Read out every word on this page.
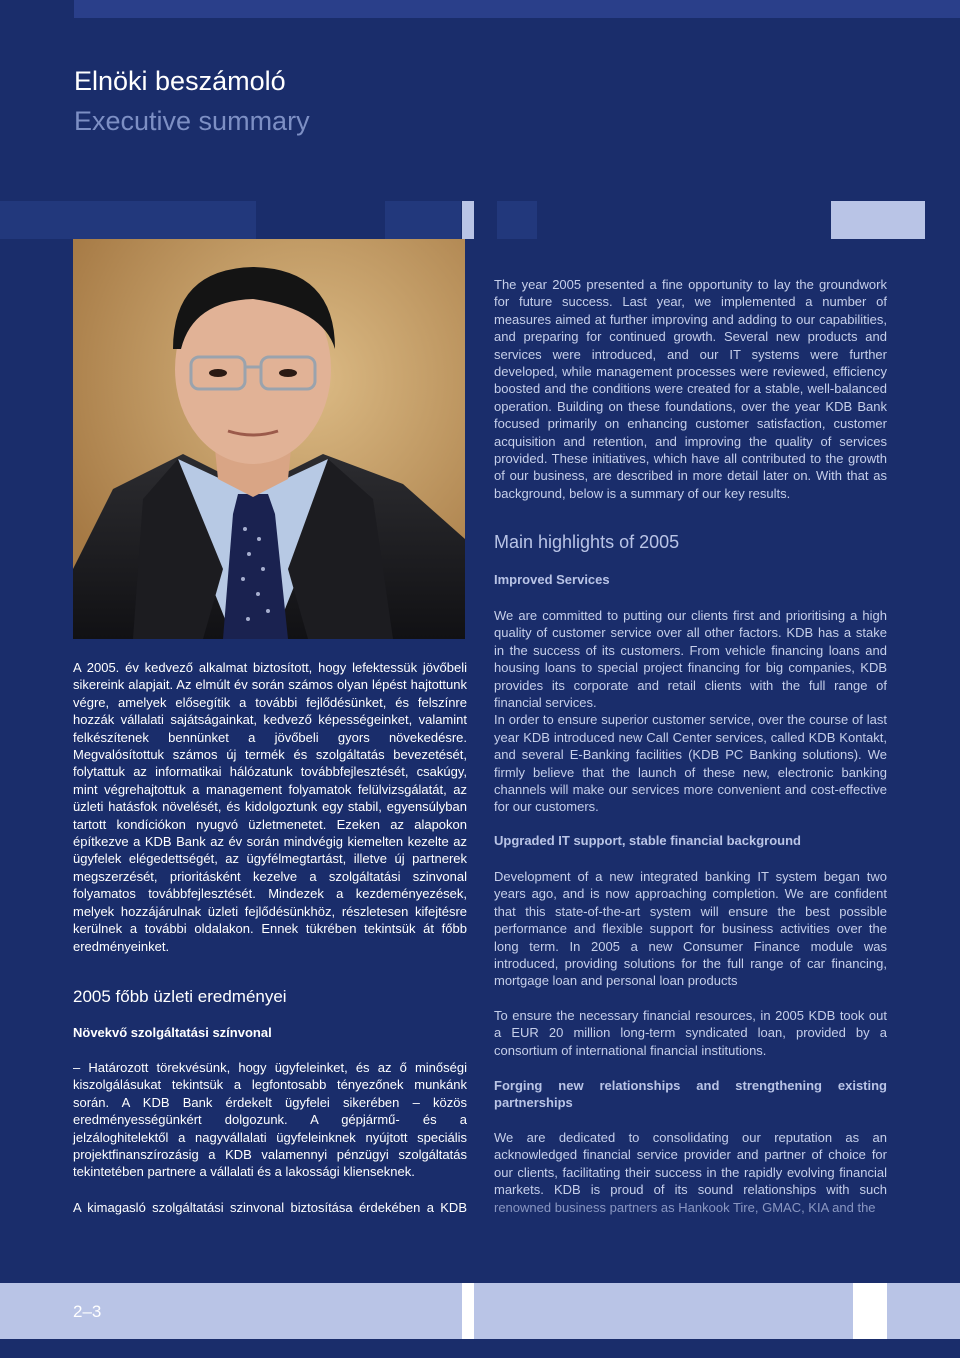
Elnöki beszámoló
Executive summary
The year 2005 presented a fine opportunity to lay the groundwork for future success. Last year, we implemented a number of measures aimed at further improving and adding to our capabilities, and preparing for continued growth. Several new products and services were introduced, and our IT systems were further developed, while management processes were reviewed, efficiency boosted and the conditions were created for a stable, well-balanced operation. Building on these foundations, over the year KDB Bank focused primarily on enhancing customer satisfaction, customer acquisition and retention, and improving the quality of services provided. These initiatives, which have all contributed to the growth of our business, are described in more detail later on. With that as background, below is a summary of our key results.
Main highlights of 2005
Improved Services
We are committed to putting our clients first and prioritising a high quality of customer service over all other factors. KDB has a stake in the success of its customers. From vehicle financing loans and housing loans to special project financing for big companies, KDB provides its corporate and retail clients with the full range of financial services.
In order to ensure superior customer service, over the course of last year KDB introduced new Call Center services, called KDB Kontakt, and several E-Banking facilities (KDB PC Banking solutions). We firmly believe that the launch of these new, electronic banking channels will make our services more convenient and cost-effective for our customers.
Upgraded IT support, stable financial background
Development of a new integrated banking IT system began two years ago, and is now approaching completion. We are confident that this state-of-the-art system will ensure the best possible performance and flexible support for business activities over the long term. In 2005 a new Consumer Finance module was introduced, providing solutions for the full range of car financing, mortgage loan and personal loan products
To ensure the necessary financial resources, in 2005 KDB took out a EUR 20 million long-term syndicated loan, provided by a consortium of international financial institutions.
Forging new relationships and strengthening existing partnerships
We are dedicated to consolidating our reputation as an acknowledged financial service provider and partner of choice for our clients, facilitating their success in the rapidly evolving financial markets. KDB is proud of its sound relationships with such renowned business partners as Hankook Tire, GMAC, KIA and the
A 2005. év kedvező alkalmat biztosított, hogy lefektessük jövőbeli sikereink alapjait. Az elmúlt év során számos olyan lépést hajtottunk végre, amelyek elősegítik a további fejlődésünket, és felszínre hozzák vállalati sajátságainkat, kedvező képességeinket, valamint felkészítenek bennünket a jövőbeli gyors növekedésre. Megvalósítottuk számos új termék és szolgáltatás bevezetését, folytattuk az informatikai hálózatunk továbbfejlesztését, csakúgy, mint végrehajtottuk a management folyamatok felülvizsgálatát, az üzleti hatásfok növelését, és kidolgoztunk egy stabil, egyensúlyban tartott kondíciókon nyugvó üzletmenetet. Ezeken az alapokon építkezve a KDB Bank az év során mindvégig kiemelten kezelte az ügyfelek elégedettségét, az ügyfélmegtartást, illetve új partnerek megszerzését, prioritásként kezelve a szolgáltatási szinvonal folyamatos továbbfejlesztését. Mindezek a kezdeményezések, melyek hozzájárulnak üzleti fejlődésünkhöz, részletesen kifejtésre kerülnek a további oldalakon. Ennek tükrében tekintsük át főbb eredményeinket.
2005 főbb üzleti eredményei
Növekvő szolgáltatási színvonal
– Határozott törekvésünk, hogy ügyfeleinket, és az ő minőségi kiszolgálásukat tekintsük a legfontosabb tényezőnek munkánk során. A KDB Bank érdekelt ügyfelei sikerében – közös eredményességünkért dolgozunk. A gépjármű- és a jelzáloghitelektől a nagyvállalati ügyfeleinknek nyújtott speciális projektfinanszírozásig a KDB valamennyi pénzügyi szolgáltatás tekintetében partnere a vállalati és a lakossági klienseknek.
A kimagasló szolgáltatási szinvonal biztosítása érdekében a KDB
2–3
